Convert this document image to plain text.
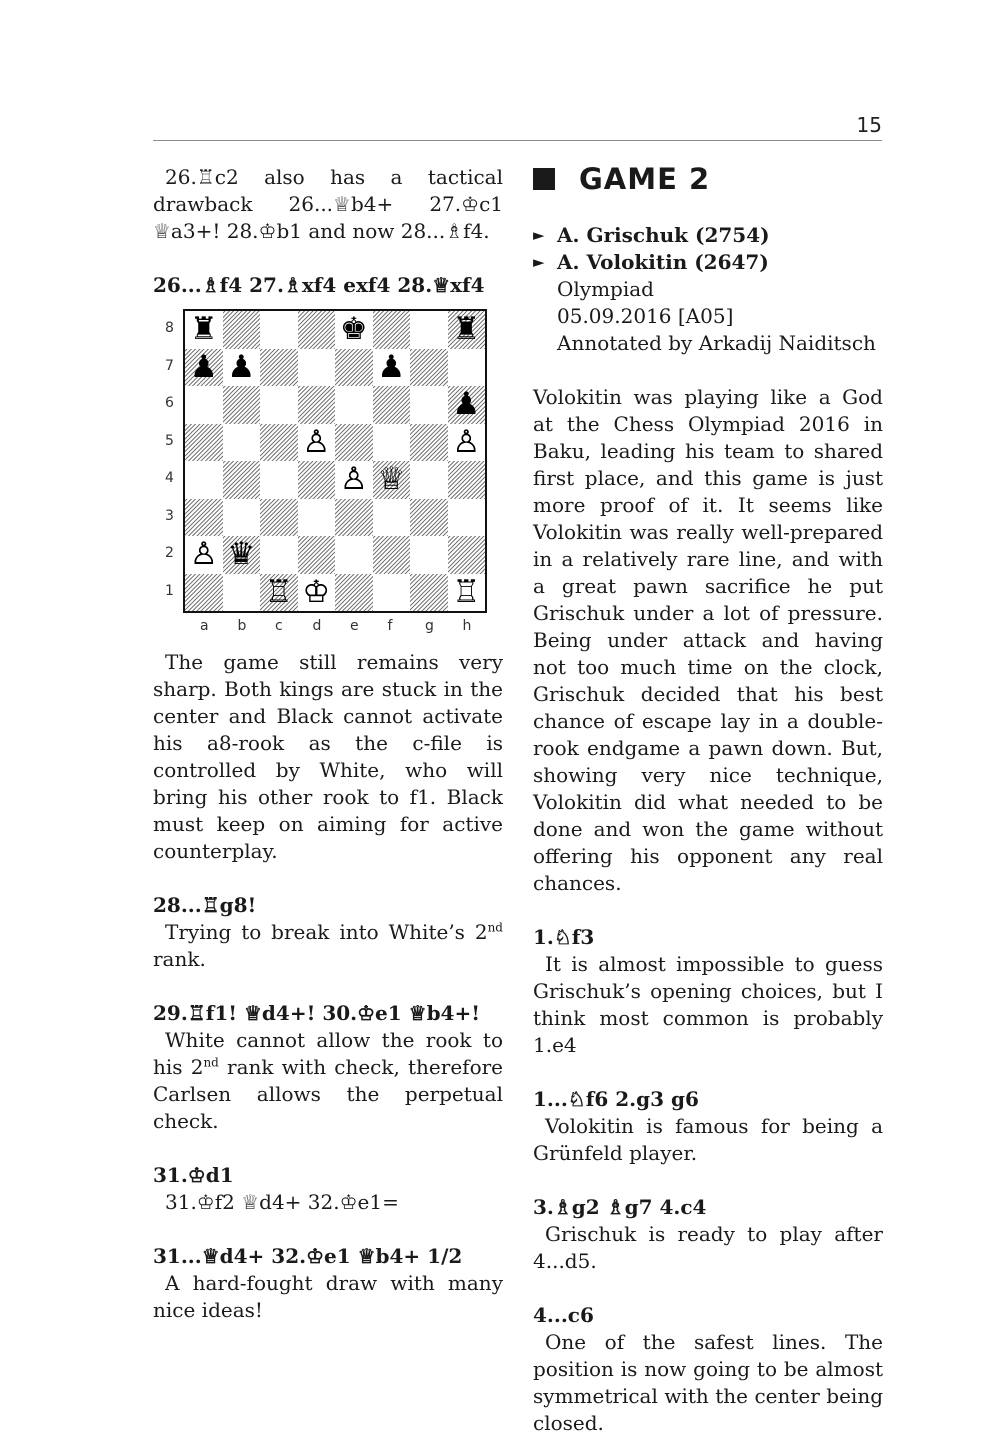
15

26.♖c2 also has a tactical drawback 26...♕b4+ 27.♔c1 ♕a3+! 28.♔b1 and now 28...♗f4.

26...♗f4 27.♗xf4 exf4 28.♕xf4

♜	♚	♜
♟ ♟	♟
♟
♙	♙
♙ ♕
♙ ♛
♖ ♔	♖
8
7
6
5
4
3
2
1
a b c d e f g h

The game still remains very sharp. Both kings are stuck in the center and Black cannot activate his a8-rook as the c-file is controlled by White, who will bring his other rook to f1. Black must keep on aiming for active counterplay.

28...♖g8!

Trying to break into White’s 2nd rank.

29.♖f1! ♕d4+! 30.♔e1 ♕b4+!

White cannot allow the rook to his 2nd rank with check, therefore Carlsen allows the perpetual check.

31.♔d1

31.♔f2 ♕d4+ 32.♔e1=

31...♕d4+ 32.♔e1 ♕b4+ 1/2

A hard-fought draw with many nice ideas!

GAME 2
► A. Grischuk (2754)
► A. Volokitin (2647)
Olympiad
05.09.2016 [A05]
Annotated by Arkadij Naiditsch

Volokitin was playing like a God at the Chess Olympiad 2016 in Baku, leading his team to shared first place, and this game is just more proof of it. It seems like Volokitin was really well-prepared in a relatively rare line, and with a great pawn sacrifice he put Grischuk under a lot of pressure. Being under attack and having not too much time on the clock, Grischuk decided that his best chance of escape lay in a double-rook endgame a pawn down. But, showing very nice technique, Volokitin did what needed to be done and won the game without offering his opponent any real chances.

1.♘f3

It is almost impossible to guess Grischuk’s opening choices, but I think most common is probably 1.e4

1...♘f6 2.g3 g6

Volokitin is famous for being a Grünfeld player.

3.♗g2 ♗g7 4.c4

Grischuk is ready to play after 4...d5.

4...c6

One of the safest lines. The position is now going to be almost symmetrical with the center being closed.
